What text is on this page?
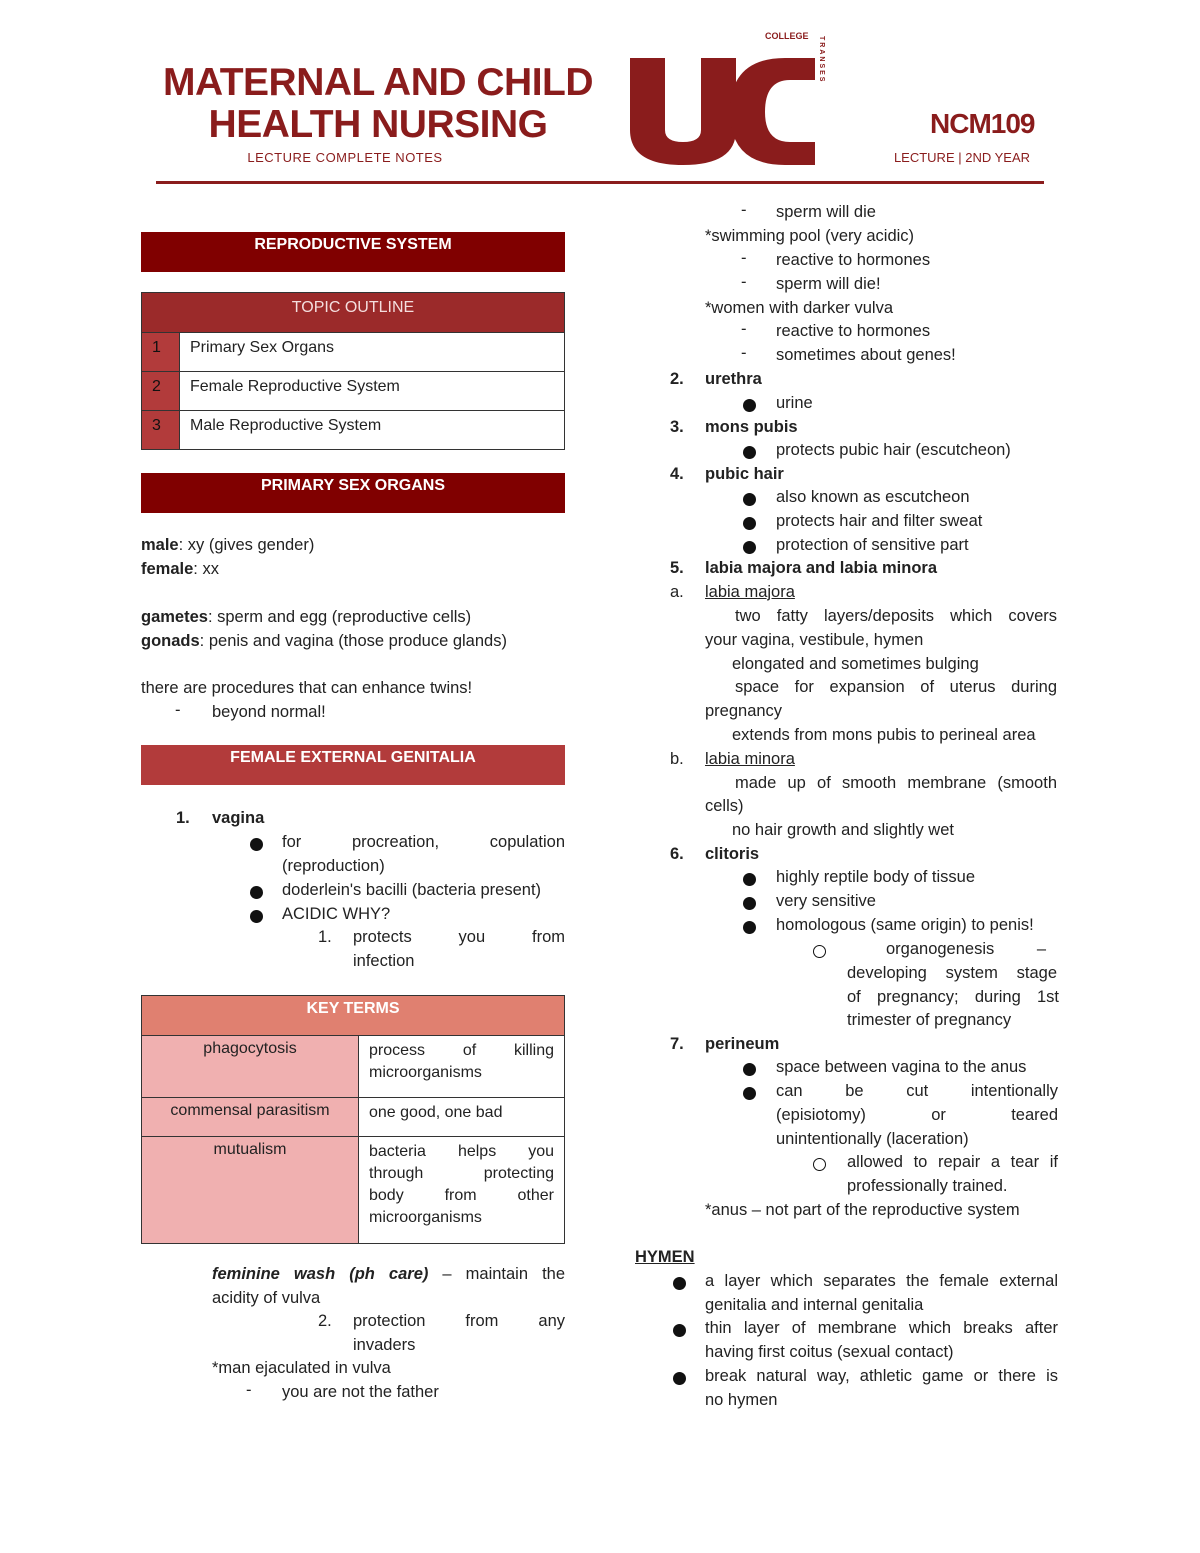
MATERNAL AND CHILD
HEALTH NURSING
LECTURE COMPLETE NOTES
COLLEGE TRANSES
NCM109
LECTURE | 2ND YEAR
REPRODUCTIVE SYSTEM
TOPIC OUTLINE	
1	Primary Sex Organs
2	Female Reproductive System
3	Male Reproductive System
PRIMARY SEX ORGANS
male: xy (gives gender)
female: xx
gametes: sperm and egg (reproductive cells)
gonads: penis and vagina (those produce glands)
there are procedures that can enhance twins!
- beyond normal!
FEMALE EXTERNAL GENITALIA
1. vagina
for procreation, copulation
(reproduction)
doderlein's bacilli (bacteria present)
ACIDIC WHY?
1. protects you from
infection
KEY TERMS	
phagocytosis	process of killing
microorganisms

commensal parasitism	one good, one bad
mutualism	bacteria helps you
through protecting
body from other
microorganisms
feminine wash (ph care) – maintain the
acidity of vulva
2. protection from any
invaders
*man ejaculated in vulva
- you are not the father
- sperm will die
*swimming pool (very acidic)
- reactive to hormones
- sperm will die!
*women with darker vulva
- reactive to hormones
- sometimes about genes!
2. urethra
urine
3. mons pubis
protects pubic hair (escutcheon)
4. pubic hair
also known as escutcheon
protects hair and filter sweat
protection of sensitive part
5. labia majora and labia minora
a. labia majora
two fatty layers/deposits which covers
your vagina, vestibule, hymen
elongated and sometimes bulging
space for expansion of uterus during
pregnancy
extends from mons pubis to perineal area
b. labia minora
made up of smooth membrane (smooth
cells)
no hair growth and slightly wet
6. clitoris
highly reptile body of tissue
very sensitive
homologous (same origin) to penis!
organogenesis –
developing system stage
of pregnancy; during 1st
trimester of pregnancy
7. perineum
space between vagina to the anus
can be cut intentionally
(episiotomy) or teared
unintentionally (laceration)
allowed to repair a tear if
professionally trained.
*anus – not part of the reproductive system
HYMEN
a layer which separates the female external
genitalia and internal genitalia
thin layer of membrane which breaks after
having first coitus (sexual contact)
break natural way, athletic game or there is
no hymen
